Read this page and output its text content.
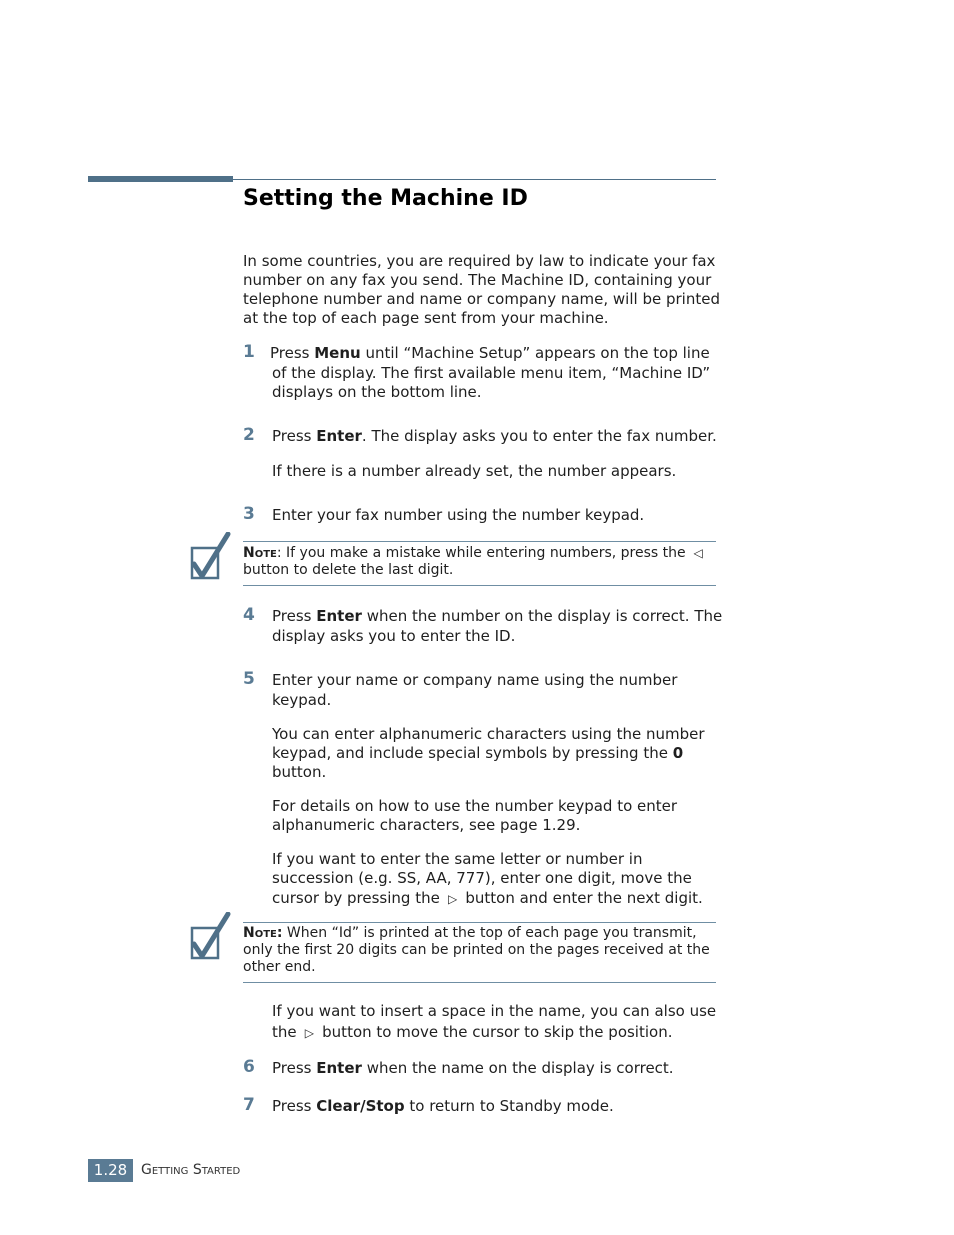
Setting the Machine ID

In some countries, you are required by law to indicate your fax

number on any fax you send. The Machine ID, containing your

telephone number and name or company name, will be printed

at the top of each page sent from your machine.

1 Press Menu until “Machine Setup” appears on the top line

of the display. The first available menu item, “Machine ID”

displays on the bottom line.

2 Press Enter. The display asks you to enter the fax number.

If there is a number already set, the number appears.

3 Enter your fax number using the number keypad.

Note: If you make a mistake while entering numbers, press the ◁

button to delete the last digit.

4 Press Enter when the number on the display is correct. The

display asks you to enter the ID.

5 Enter your name or company name using the number

keypad.

You can enter alphanumeric characters using the number

keypad, and include special symbols by pressing the 0

button.

For details on how to use the number keypad to enter

alphanumeric characters, see page 1.29.

If you want to enter the same letter or number in

succession (e.g. SS, AA, 777), enter one digit, move the

cursor by pressing the ▷ button and enter the next digit.

Note: When “Id” is printed at the top of each page you transmit,

only the first 20 digits can be printed on the pages received at the

other end.

If you want to insert a space in the name, you can also use

the ▷ button to move the cursor to skip the position.

6 Press Enter when the name on the display is correct.

7 Press Clear/Stop to return to Standby mode.

1.28 Getting Started
